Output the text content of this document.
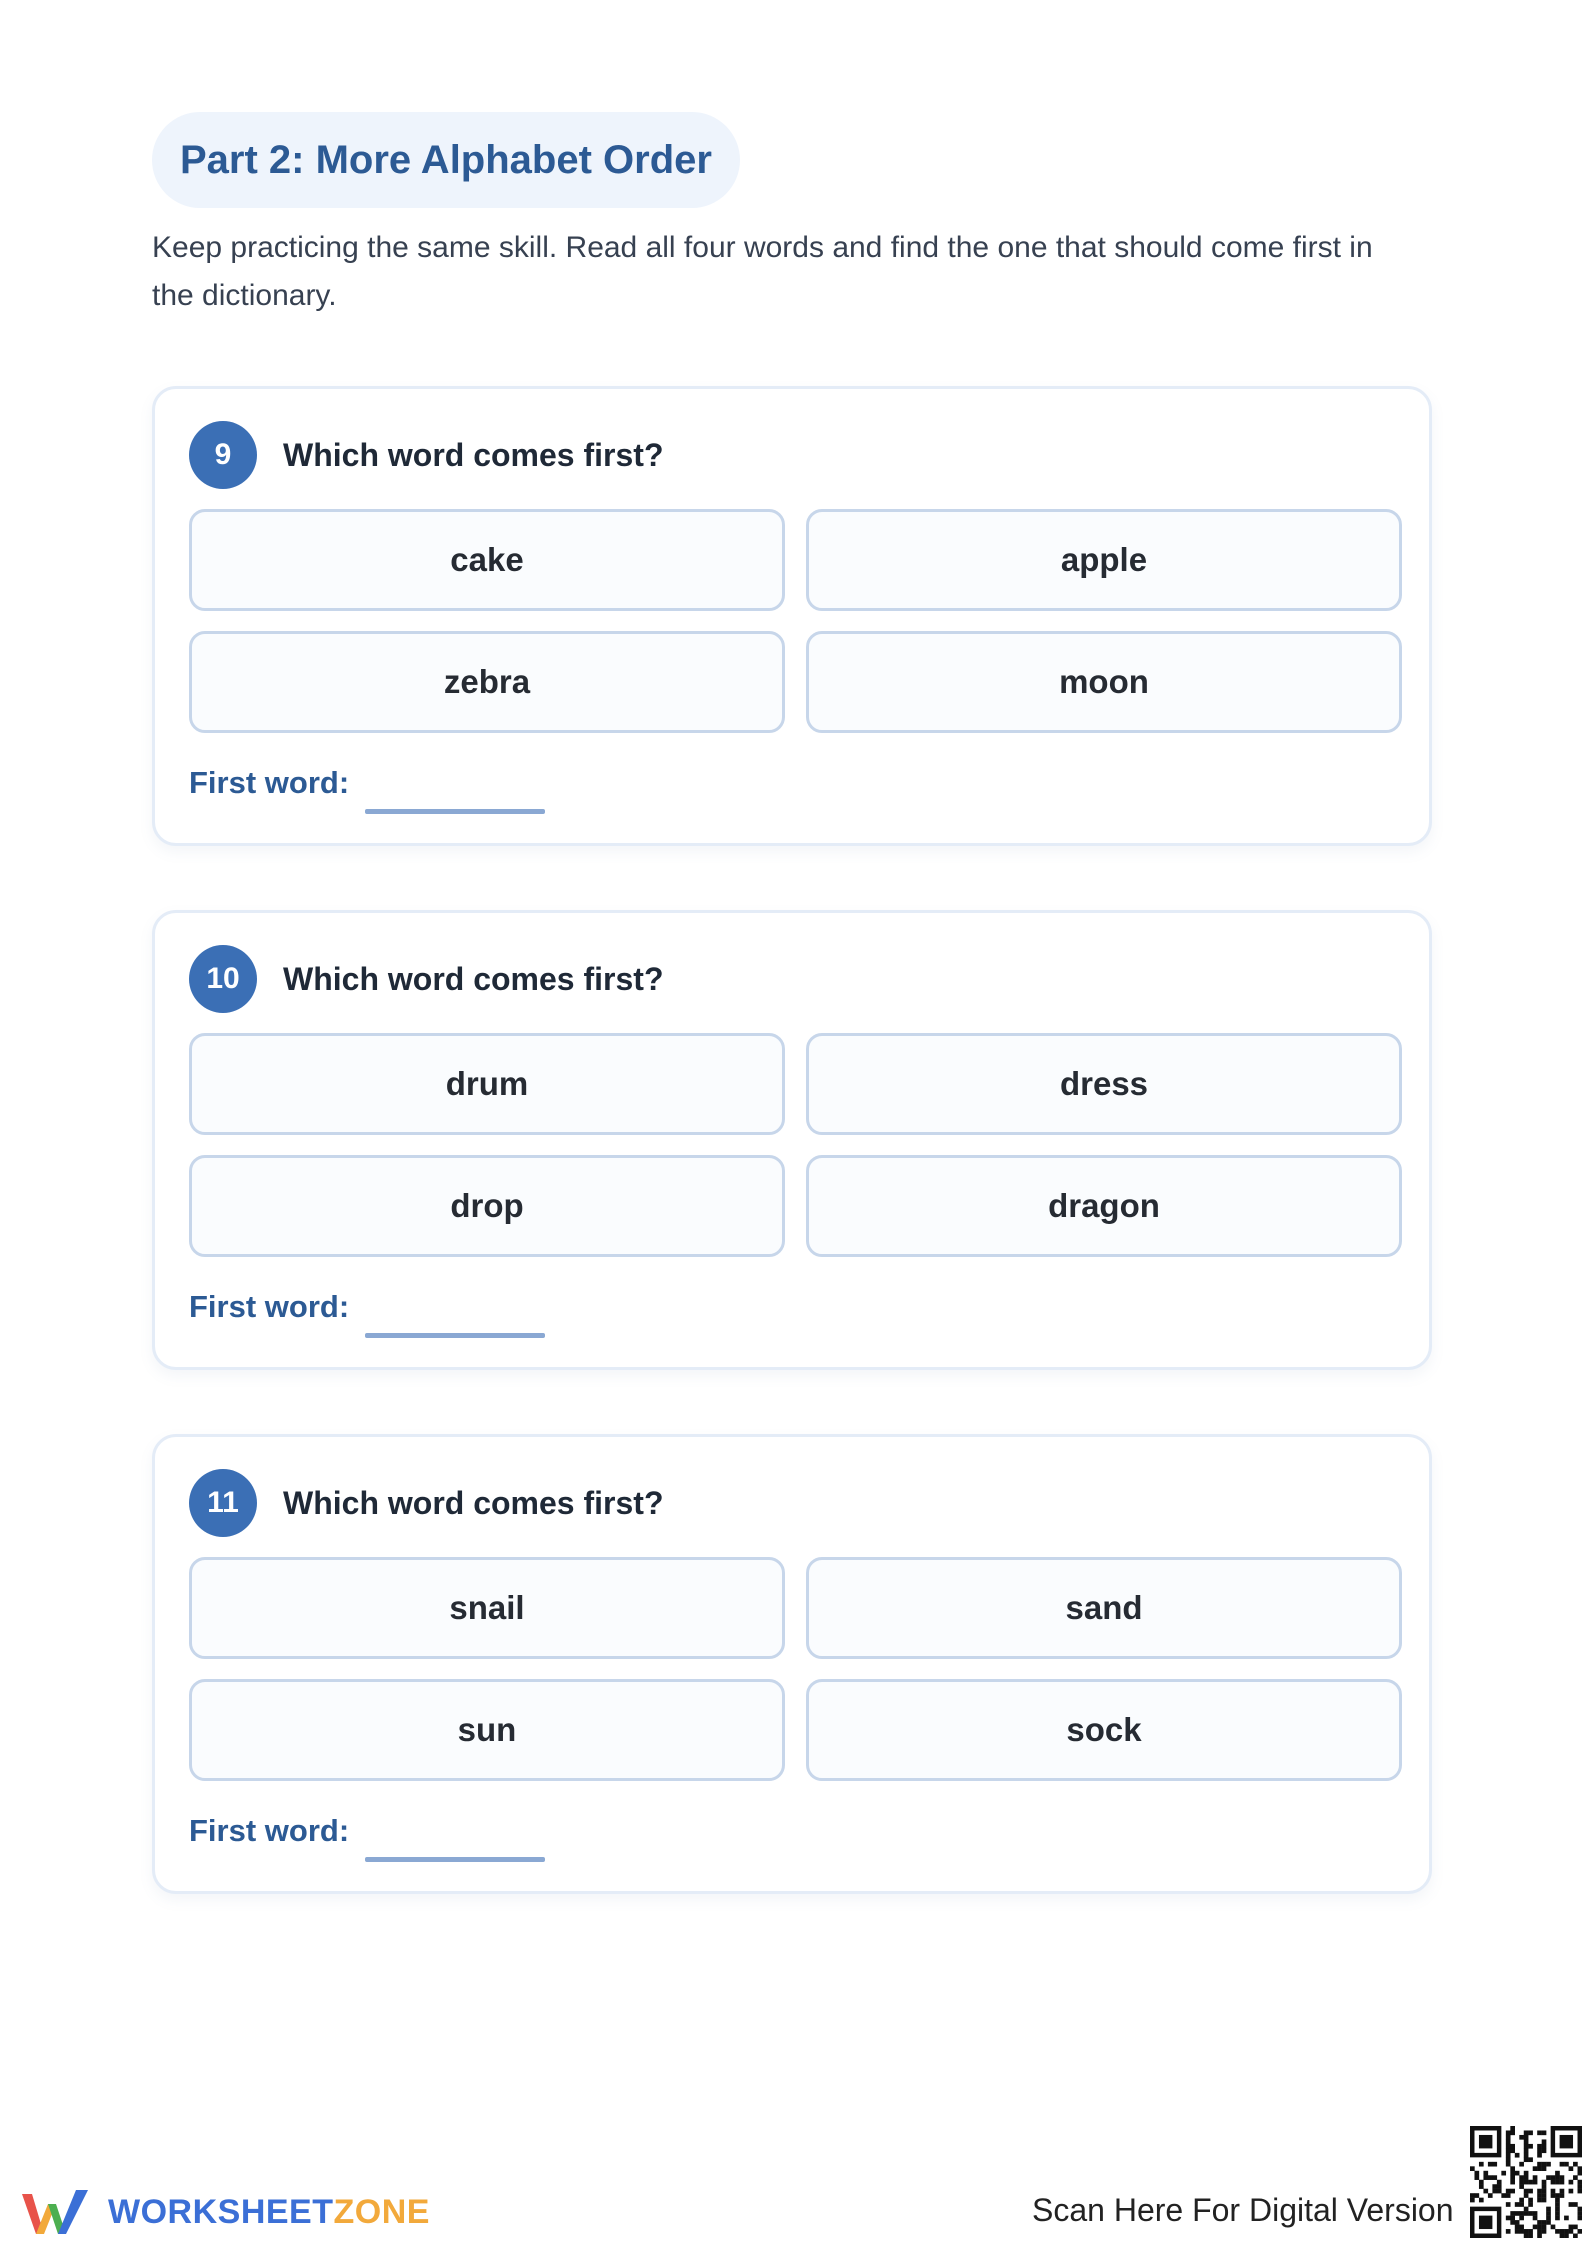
Part 2: More Alphabet Order
Keep practicing the same skill. Read all four words and find the one that should come first in the dictionary.
9	Which word comes first?
cake	apple
zebra	moon
First word:
10	Which word comes first?
drum	dress
drop	dragon
First word:
11	Which word comes first?
snail	sand
sun	sock
First word:
WORKSHEETZONE	Scan Here For Digital Version
